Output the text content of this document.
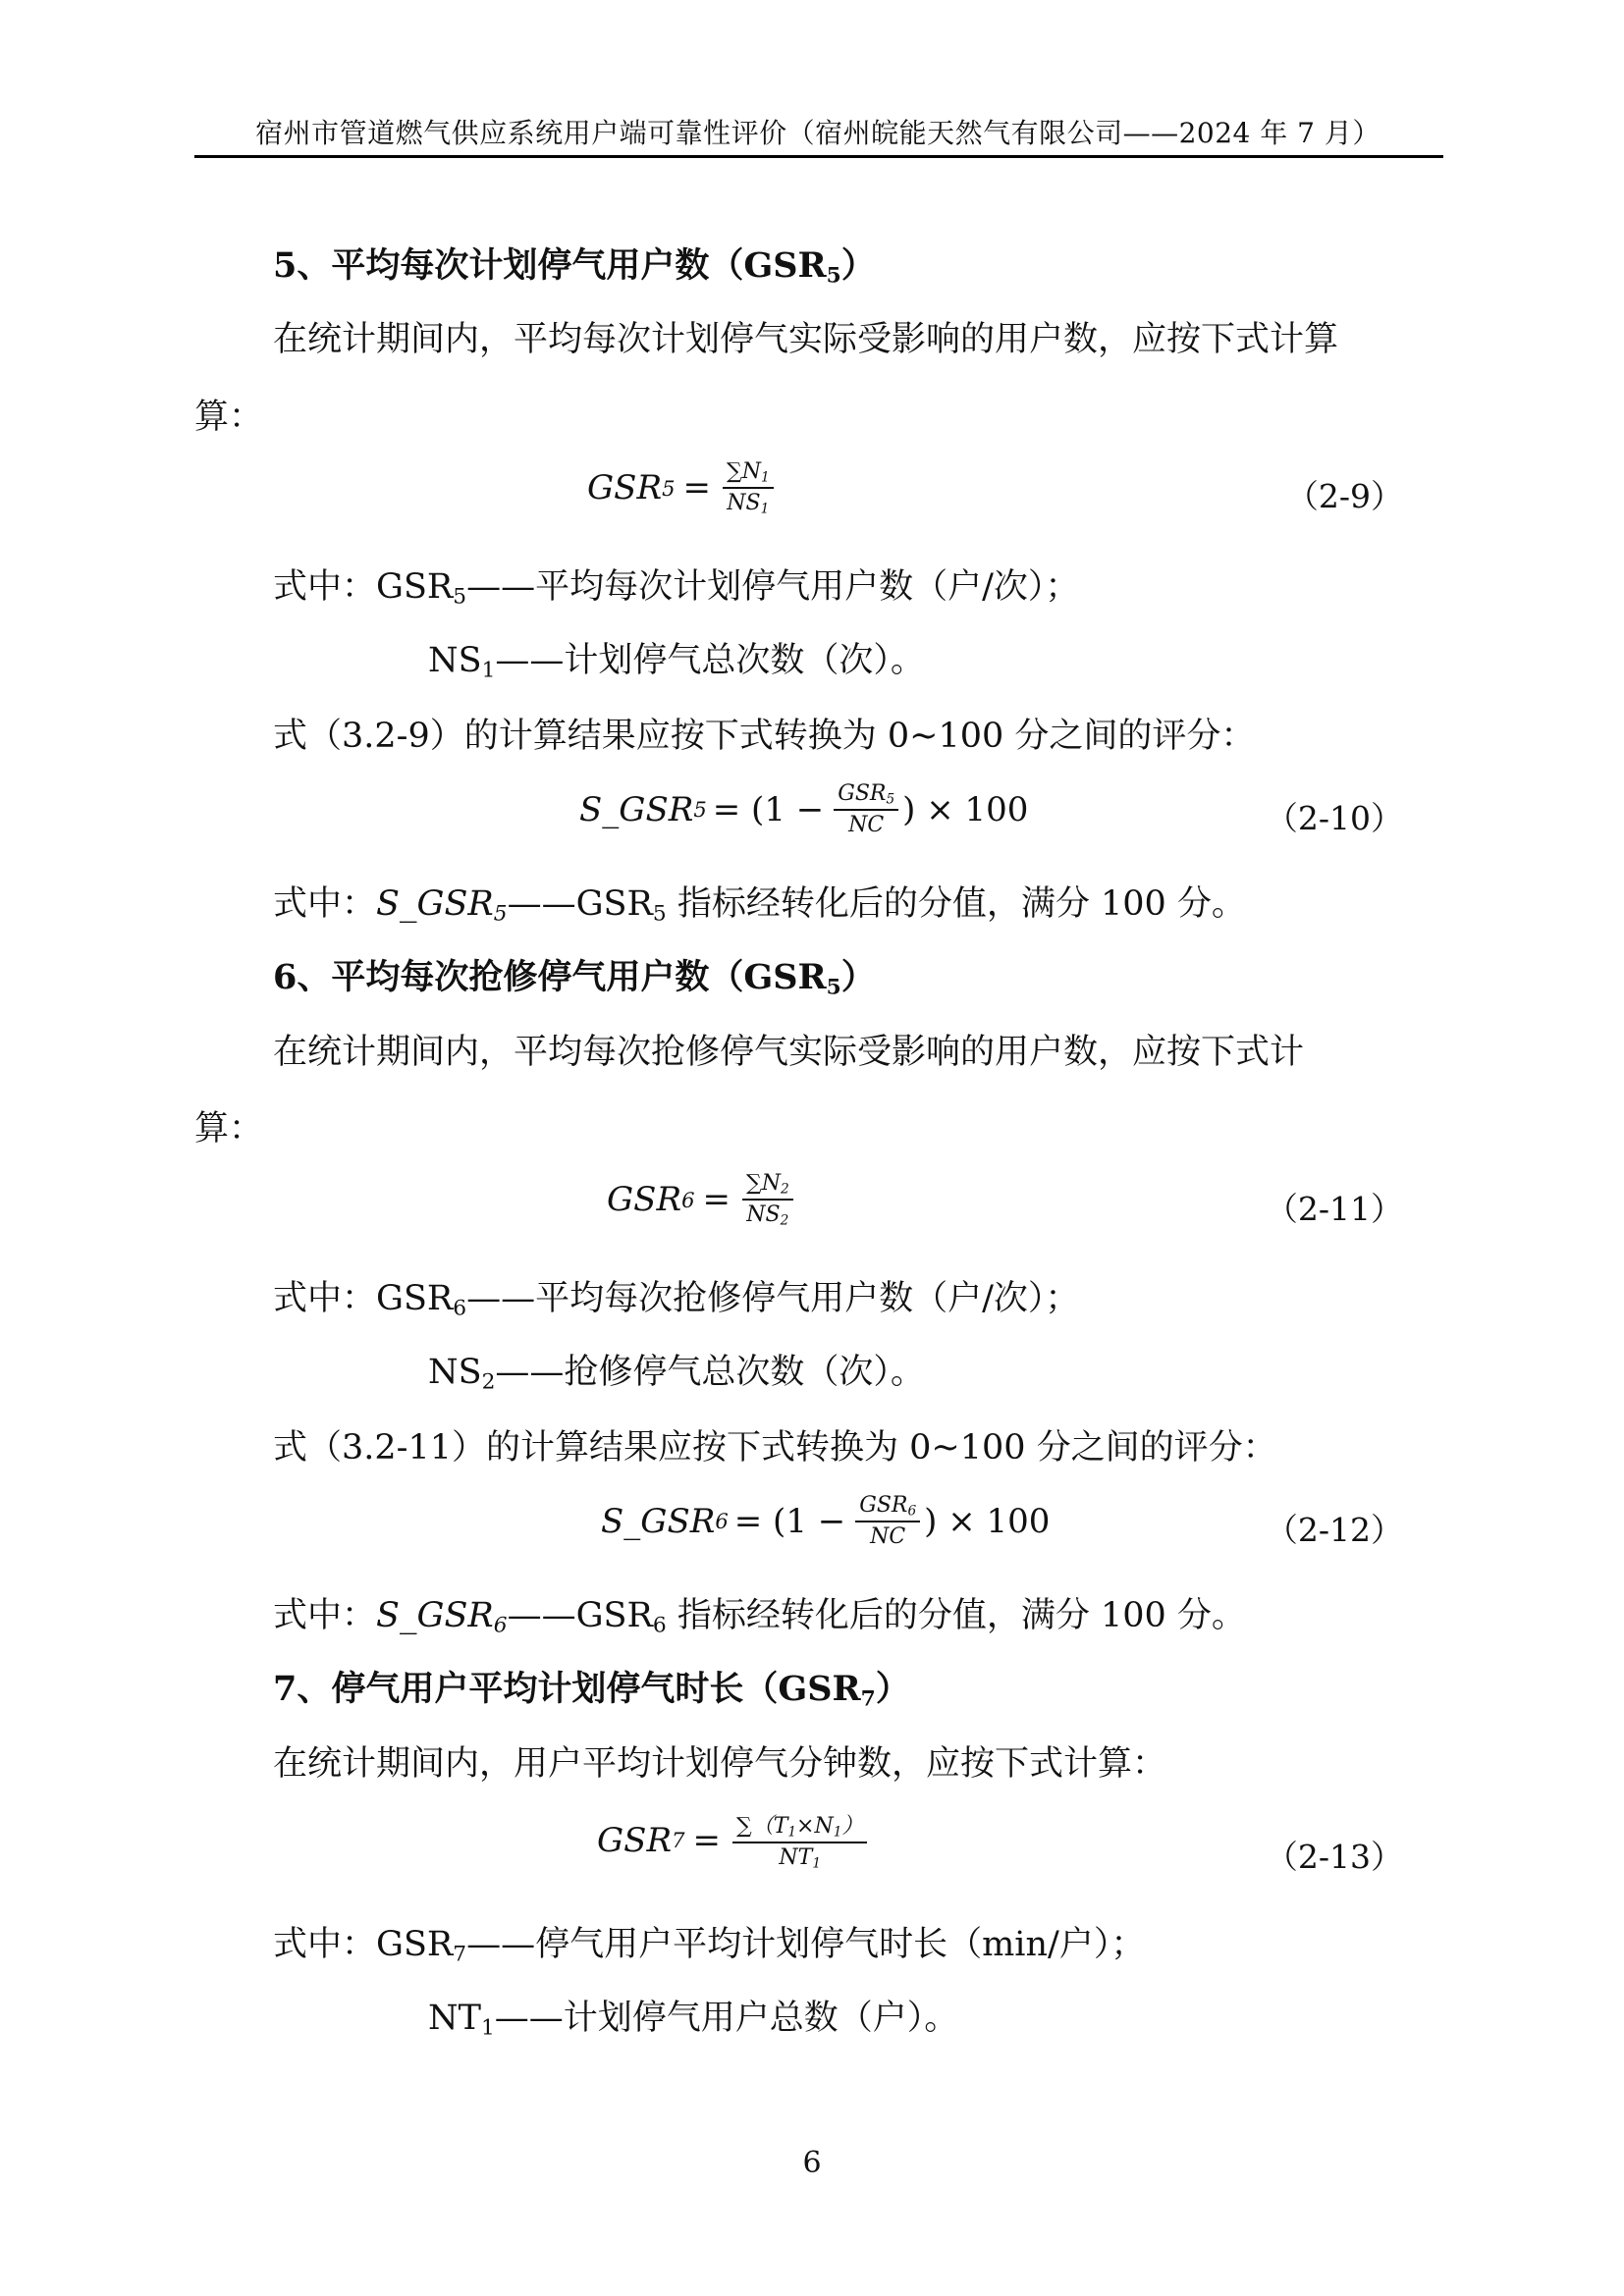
宿州市管道燃气供应系统用户端可靠性评价（宿州皖能天然气有限公司——2024 年 7 月）
5、平均每次计划停气用户数$(GSR_5)$
在统计期间内，平均每次计划停气实际受影响的用户数，应按下式计算
算：
GSR $5 = \frac{\sum N_1}{NS_1}$	（2-9）
式中：$GSR_5——$平均每次计划停气用户数（户/次）；
$NS_1——$计划停气总次数（次）。
式（3.2-9）的计算结果应按下式转换为 0~100 分之间的评分：
S_GSR $5 = (1 - \frac{GSR_5}{NC}$ ) × 100	（2-10）
式中：$S\_GSR_5——GSR_5$ 指标经转化后的分值，满分 100 分。
6、平均每次抢修停气用户数$(GSR_5)$
在统计期间内，平均每次抢修停气实际受影响的用户数，应按下式计
算：
GSR $6 = \frac{\sum N_2}{NS_2}$	（2-11）
式中：$GSR_6——$平均每次抢修停气用户数（户/次）；
$NS_2——$抢修停气总次数（次）。
式（3.2-11）的计算结果应按下式转换为 0~100 分之间的评分：
S_GSR $6 = (1 - \frac{GSR_6}{NC}$ ) × 100	（2-12）
式中：$S\_GSR_6——GSR_6$ 指标经转化后的分值，满分 100 分。
7、停气用户平均计划停气时长$(GSR_7)$
在统计期间内，用户平均计划停气分钟数，应按下式计算：
GSR $7 = \frac{\sum(T_1\times N_1)}{NT_1}$	（2-13）
式中：$GSR_7——$停气用户平均计划停气时长（min/户）；
$NT_1——$计划停气用户总数（户）。
6
